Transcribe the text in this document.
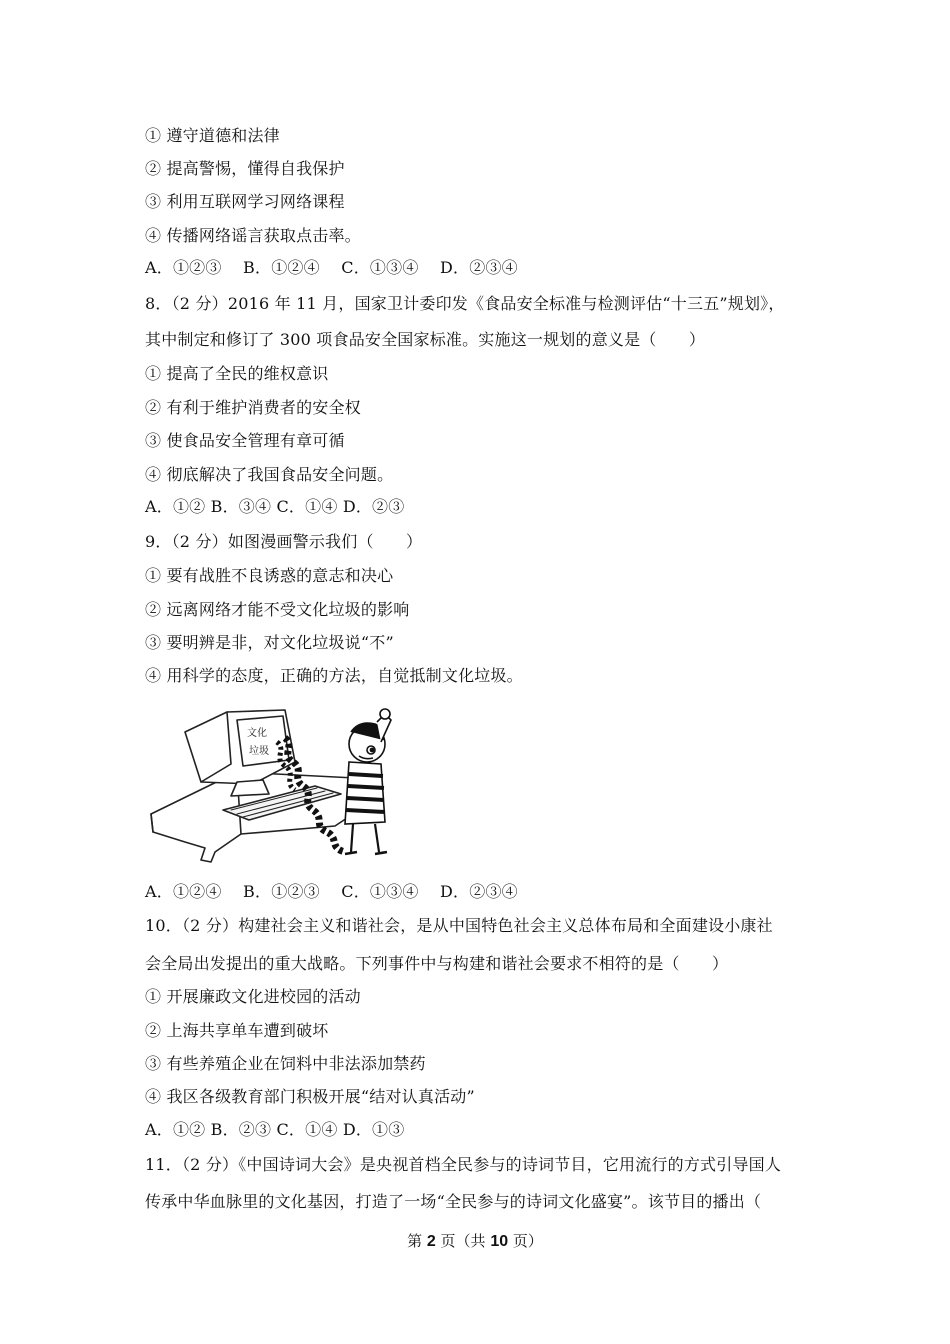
① 遵守道德和法律
② 提高警惕，懂得自我保护
③ 利用互联网学习网络课程
④ 传播网络谣言获取点击率。
A．①②③　 B．①②④　 C．①③④　 D．②③④
8．（2 分）2016 年 11 月，国家卫计委印发《食品安全标准与检测评估“十三五”规划》，
其中制定和修订了 300 项食品安全国家标准。实施这一规划的意义是（　　）
① 提高了全民的维权意识
② 有利于维护消费者的安全权
③ 使食品安全管理有章可循
④ 彻底解决了我国食品安全问题。
A．①② B．③④ C．①④ D．②③
9．（2 分）如图漫画警示我们（　　）
① 要有战胜不良诱惑的意志和决心
② 远离网络才能不受文化垃圾的影响
③ 要明辨是非，对文化垃圾说“不”
④ 用科学的态度，正确的方法，自觉抵制文化垃圾。
文化
垃圾
A．①②④　 B．①②③　 C．①③④　 D．②③④
10．（2 分）构建社会主义和谐社会，是从中国特色社会主义总体布局和全面建设小康社
会全局出发提出的重大战略。下列事件中与构建和谐社会要求不相符的是（　　）
① 开展廉政文化进校园的活动
② 上海共享单车遭到破坏
③ 有些养殖企业在饲料中非法添加禁药
④ 我区各级教育部门积极开展“结对认真活动”
A．①② B．②③ C．①④ D．①③
11．（2 分）《中国诗词大会》是央视首档全民参与的诗词节目，它用流行的方式引导国人
传承中华血脉里的文化基因，打造了一场“全民参与的诗词文化盛宴”。该节目的播出（
第 2 页（共 10 页）
